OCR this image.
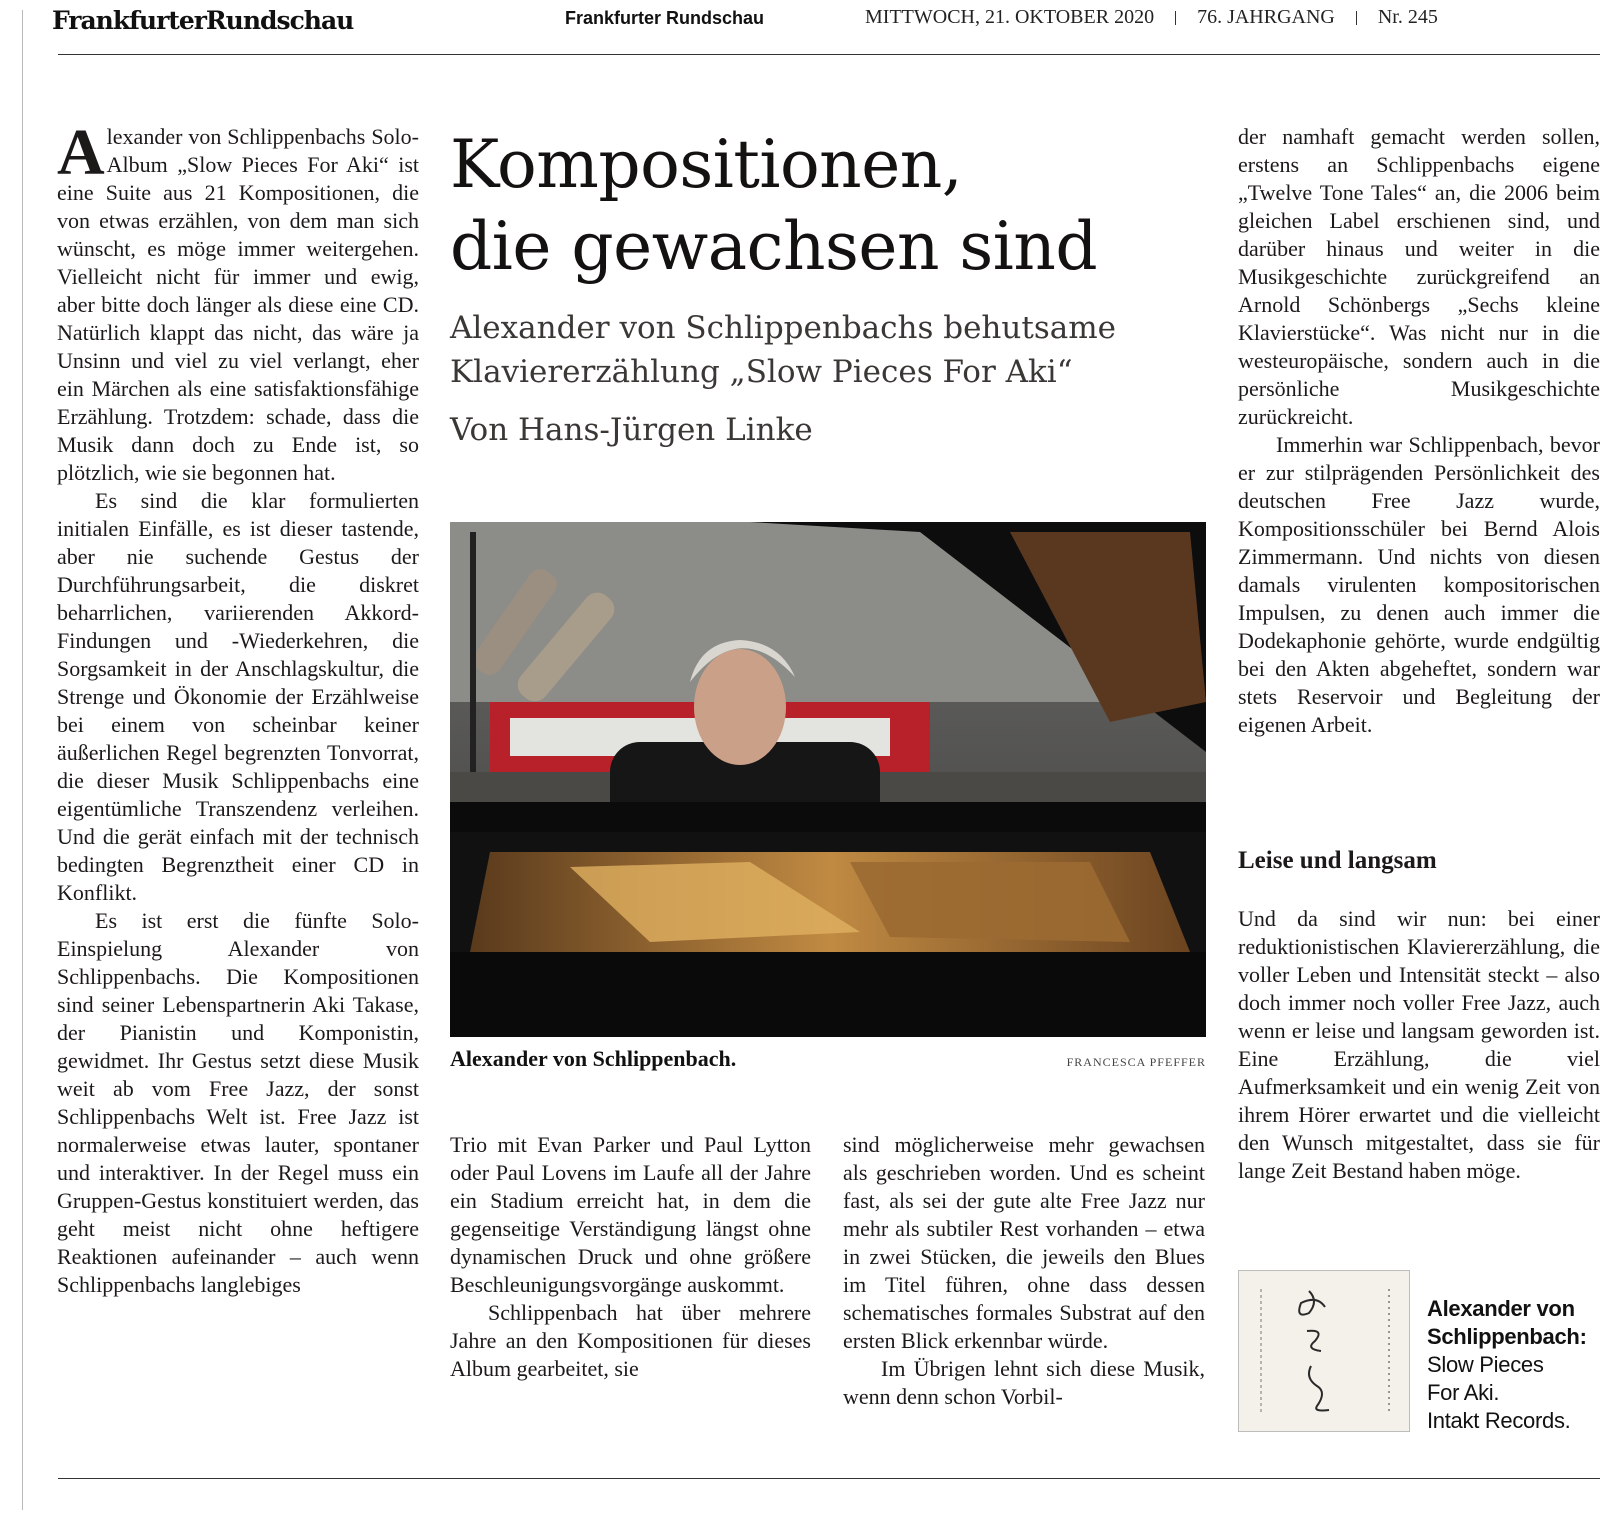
FrankfurterRundschau	Frankfurter Rundschau	MITTWOCH, 21. OKTOBER 2020 76. JAHRGANG Nr. 245

Alexander von Schlippenbachs Solo-Album „Slow Pieces For Aki“ ist eine Suite aus 21 Kompositionen, die von etwas erzählen, von dem man sich wünscht, es möge immer weitergehen. Vielleicht nicht für immer und ewig, aber bitte doch länger als diese eine CD. Natürlich klappt das nicht, das wäre ja Unsinn und viel zu viel verlangt, eher ein Märchen als eine satisfaktionsfähige Erzählung. Trotzdem: schade, dass die Musik dann doch zu Ende ist, so plötzlich, wie sie begonnen hat.

Es sind die klar formulierten initialen Einfälle, es ist dieser tastende, aber nie suchende Gestus der Durchführungsarbeit, die diskret beharrlichen, variierenden Akkord-Findungen und -Wiederkehren, die Sorgsamkeit in der Anschlagskultur, die Strenge und Ökonomie der Erzählweise bei einem von scheinbar keiner äußerlichen Regel begrenzten Tonvorrat, die dieser Musik Schlippenbachs eine eigentümliche Transzendenz verleihen. Und die gerät einfach mit der technisch bedingten Begrenztheit einer CD in Konflikt.

Es ist erst die fünfte Solo-Einspielung Alexander von Schlippenbachs. Die Kompositionen sind seiner Lebenspartnerin Aki Takase, der Pianistin und Komponistin, gewidmet. Ihr Gestus setzt diese Musik weit ab vom Free Jazz, der sonst Schlippenbachs Welt ist. Free Jazz ist normalerweise etwas lauter, spontaner und interaktiver. In der Regel muss ein Gruppen-Gestus konstituiert werden, das geht meist nicht ohne heftigere Reaktionen aufeinander – auch wenn Schlippenbachs langlebiges

Kompositionen,
die gewachsen sind
Alexander von Schlippenbachs behutsame Klaviererzählung „Slow Pieces For Aki“
Von Hans-Jürgen Linke
Alexander von Schlippenbach.	FRANCESCA PFEFFER

Trio mit Evan Parker und Paul Lytton oder Paul Lovens im Laufe all der Jahre ein Stadium erreicht hat, in dem die gegenseitige Verständigung längst ohne dynamischen Druck und ohne größere Beschleunigungsvorgänge auskommt.

Schlippenbach hat über mehrere Jahre an den Kompositionen für dieses Album gearbeitet, sie

sind möglicherweise mehr gewachsen als geschrieben worden. Und es scheint fast, als sei der gute alte Free Jazz nur mehr als subtiler Rest vorhanden – etwa in zwei Stücken, die jeweils den Blues im Titel führen, ohne dass dessen schematisches formales Substrat auf den ersten Blick erkennbar würde.

Im Übrigen lehnt sich diese Musik, wenn denn schon Vorbil-

der namhaft gemacht werden sollen, erstens an Schlippenbachs eigene „Twelve Tone Tales“ an, die 2006 beim gleichen Label erschienen sind, und darüber hinaus und weiter in die Musikgeschichte zurückgreifend an Arnold Schönbergs „Sechs kleine Klavierstücke“. Was nicht nur in die westeuropäische, sondern auch in die persönliche Musikgeschichte zurückreicht.

Immerhin war Schlippenbach, bevor er zur stilprägenden Persönlichkeit des deutschen Free Jazz wurde, Kompositionsschüler bei Bernd Alois Zimmermann. Und nichts von diesen damals virulenten kompositorischen Impulsen, zu denen auch immer die Dodekaphonie gehörte, wurde endgültig bei den Akten abgeheftet, sondern war stets Reservoir und Begleitung der eigenen Arbeit.

Leise und langsam

Und da sind wir nun: bei einer reduktionistischen Klaviererzählung, die voller Leben und Intensität steckt – also doch immer noch voller Free Jazz, auch wenn er leise und langsam geworden ist. Eine Erzählung, die viel Aufmerksamkeit und ein wenig Zeit von ihrem Hörer erwartet und die vielleicht den Wunsch mitgestaltet, dass sie für lange Zeit Bestand haben möge.

Alexander von
Schlippenbach:
Slow Pieces
For Aki.
Intakt Records.
